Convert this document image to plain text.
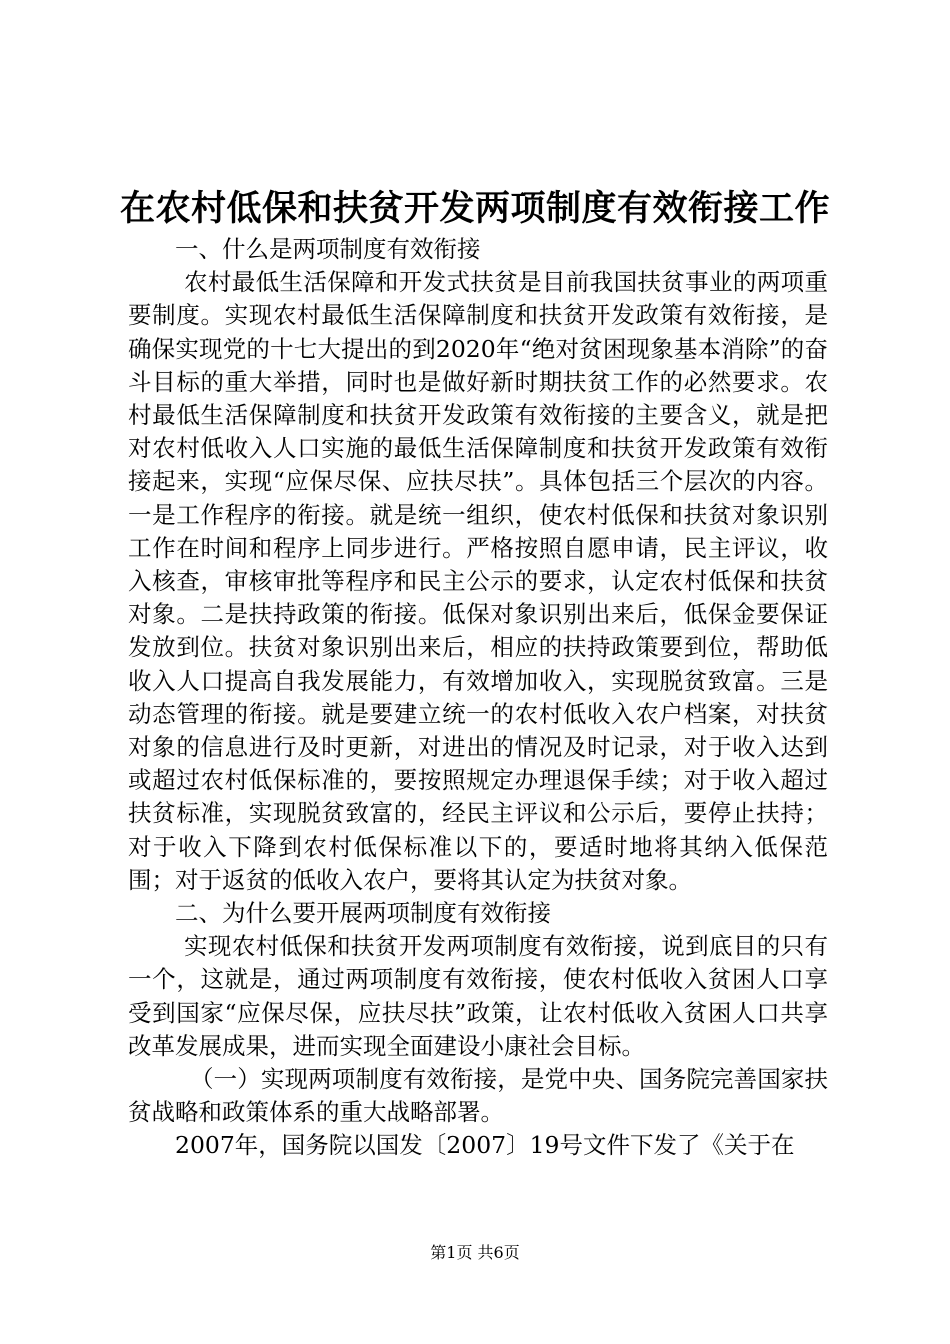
在农村低保和扶贫开发两项制度有效衔接工作

一、什么是两项制度有效衔接

农村最低生活保障和开发式扶贫是目前我国扶贫事业的两项重要制度。实现农村最低生活保障制度和扶贫开发政策有效衔接，是确保实现党的十七大提出的到2020年“绝对贫困现象基本消除”的奋斗目标的重大举措，同时也是做好新时期扶贫工作的必然要求。农村最低生活保障制度和扶贫开发政策有效衔接的主要含义，就是把对农村低收入人口实施的最低生活保障制度和扶贫开发政策有效衔接起来，实现“应保尽保、应扶尽扶”。具体包括三个层次的内容。一是工作程序的衔接。就是统一组织，使农村低保和扶贫对象识别工作在时间和程序上同步进行。严格按照自愿申请，民主评议，收入核查，审核审批等程序和民主公示的要求，认定农村低保和扶贫对象。二是扶持政策的衔接。低保对象识别出来后，低保金要保证发放到位。扶贫对象识别出来后，相应的扶持政策要到位，帮助低收入人口提高自我发展能力，有效增加收入，实现脱贫致富。三是动态管理的衔接。就是要建立统一的农村低收入农户档案，对扶贫对象的信息进行及时更新，对进出的情况及时记录，对于收入达到或超过农村低保标准的，要按照规定办理退保手续；对于收入超过扶贫标准，实现脱贫致富的，经民主评议和公示后，要停止扶持；对于收入下降到农村低保标准以下的，要适时地将其纳入低保范围；对于返贫的低收入农户，要将其认定为扶贫对象。

二、为什么要开展两项制度有效衔接

实现农村低保和扶贫开发两项制度有效衔接，说到底目的只有一个，这就是，通过两项制度有效衔接，使农村低收入贫困人口享受到国家“应保尽保，应扶尽扶”政策，让农村低收入贫困人口共享改革发展成果，进而实现全面建设小康社会目标。

（一）实现两项制度有效衔接，是党中央、国务院完善国家扶贫战略和政策体系的重大战略部署。

2007年，国务院以国发〔2007〕19号文件下发了《关于在

第1页 共6页
